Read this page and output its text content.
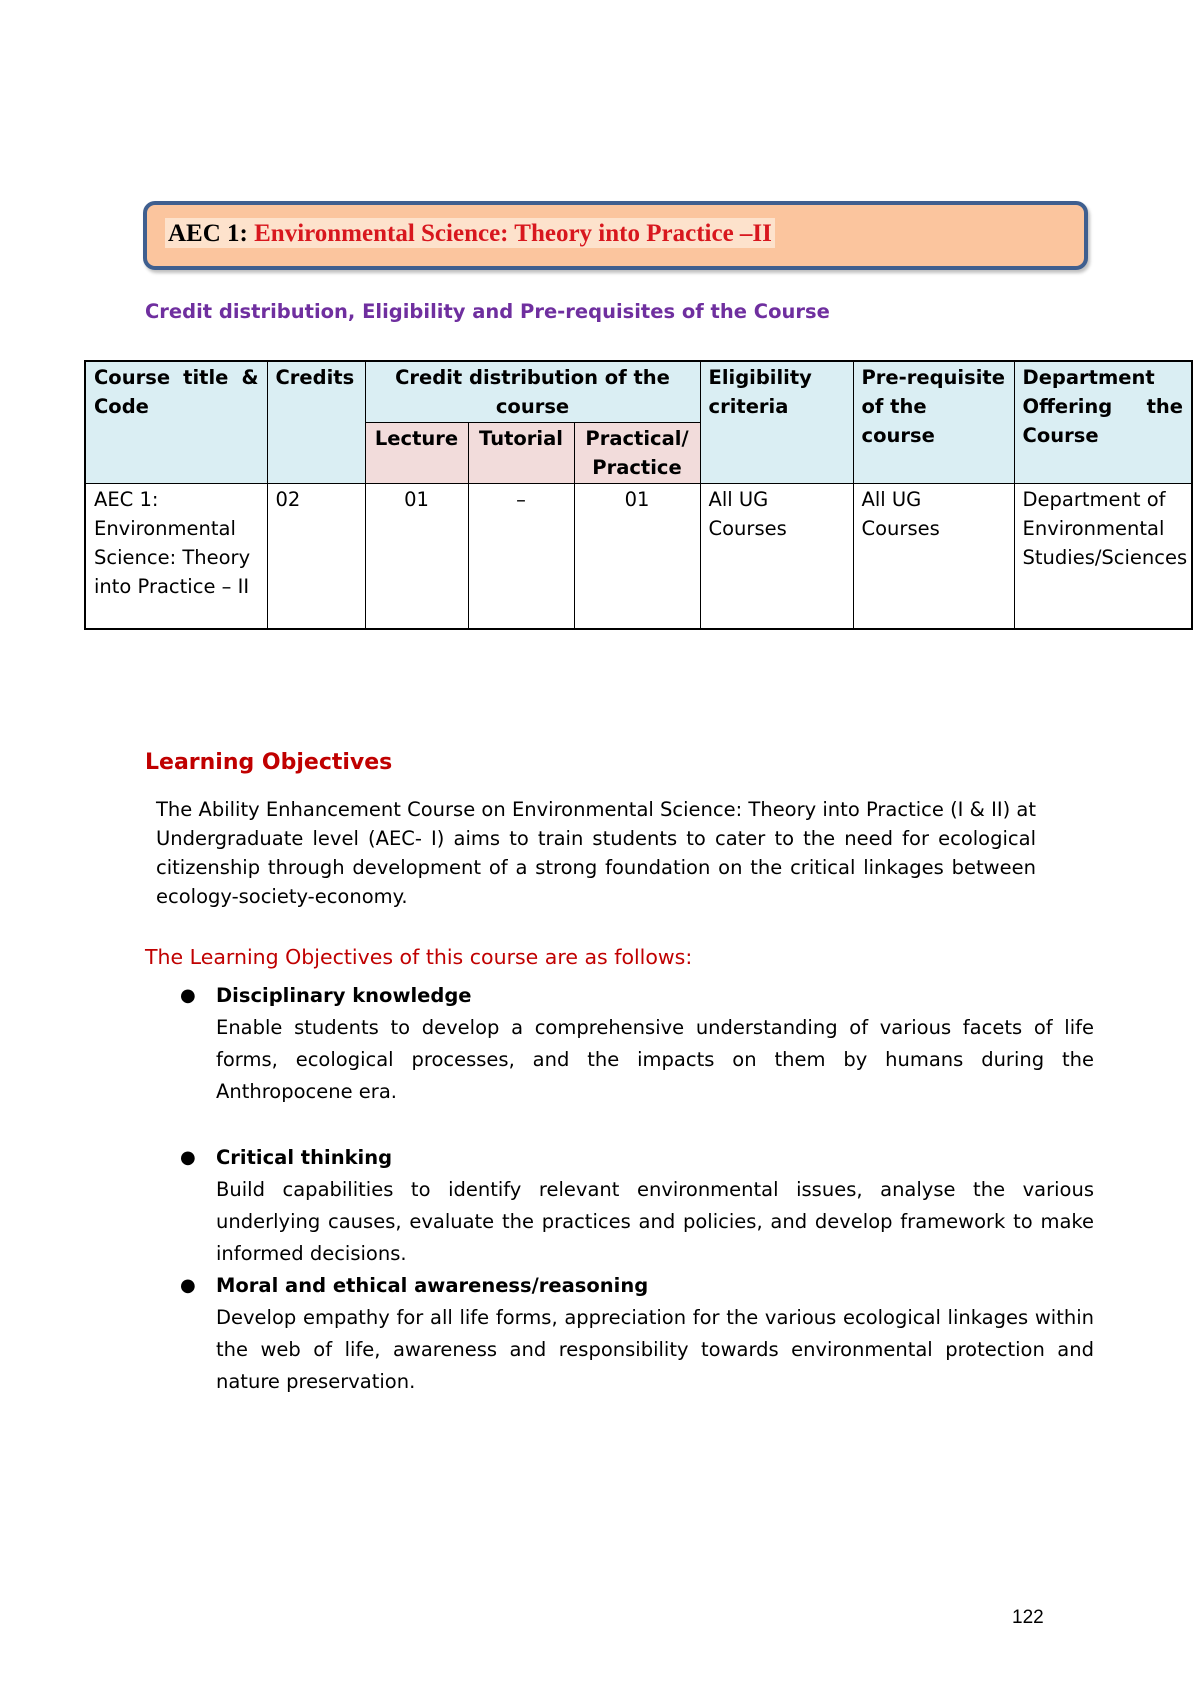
AEC 1: Environmental Science: Theory into Practice –II
Credit distribution, Eligibility and Pre-requisites of the Course
Course title & Code	Credits	Credit distribution of the course			Eligibility criteria	Pre-requisite of the course	Department Offering the Course
		Lecture	Tutorial	Practical/ Practice			
AEC 1: Environmental Science: Theory into Practice – II	02	01	–	01	All UG Courses	All UG Courses	Department of Environmental Studies/Sciences
Learning Objectives

The Ability Enhancement Course on Environmental Science: Theory into Practice (I & II) at Undergraduate level (AEC- I) aims to train students to cater to the need for ecological citizenship through development of a strong foundation on the critical linkages between ecology-society-economy.

The Learning Objectives of this course are as follows:
● Disciplinary knowledge

Enable students to develop a comprehensive understanding of various facets of life forms, ecological processes, and the impacts on them by humans during the Anthropocene era.

● Critical thinking

Build capabilities to identify relevant environmental issues, analyse the various underlying causes, evaluate the practices and policies, and develop framework to make informed decisions.

● Moral and ethical awareness/reasoning

Develop empathy for all life forms, appreciation for the various ecological linkages within the web of life, awareness and responsibility towards environmental protection and nature preservation.

122
